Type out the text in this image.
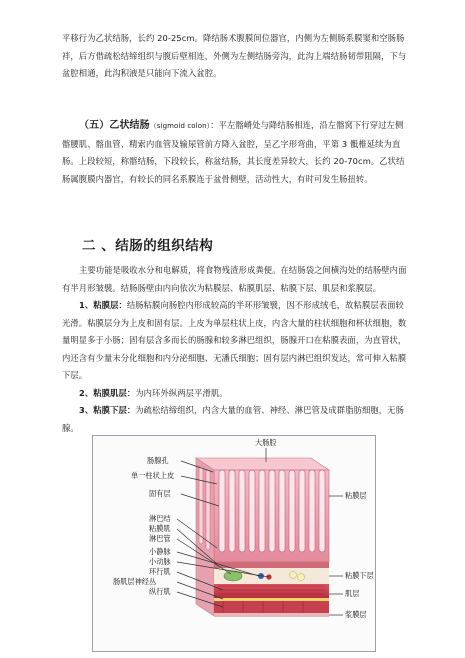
平移行为乙状结肠，长约 20-25cm。降结肠术腹膜间位器官，内侧为左侧肠系膜窦和空肠肠袢，后方借疏松结缔组织与腹后壁相连，外侧为左侧结肠旁沟，此沟上端结肠韧带阻隔，下与盆腔相通，此沟积液是只能向下流入盆腔。
（五）乙状结肠（sigmoid colon）：平左髂嵴处与降结肠相连，沿左髂窝下行穿过左侧髂腰肌、髂血管、精索内血管及输尿管前方降入盆腔，呈乙字形弯曲，平第 3 骶椎延续为直肠。上段较短，称髂结肠，下段较长，称盆结肠，其长度差异较大，长约 20-70cm。乙状结肠属腹膜内器官，有较长的同名系膜连于盆骨侧壁，活动性大，有时可发生肠扭转。
二 、结肠的组织结构
主要功能是吸收水分和电解质，将食物残渣形成粪便。在结肠袋之间横沟处的结肠壁内面有半月形皱襞。结肠肠壁由内向依次为粘膜层、粘膜肌层、粘膜下层、肌层和浆膜层。
1、粘膜层：结肠粘膜向肠腔内形成较高的半环形皱襞，因不形成绒毛，故粘膜层表面较光滑。粘膜层分为上皮和固有层。上皮为单层柱状上皮，内含大量的柱状细胞和杯状细胞，数量明显多于小肠；固有层含多而长的肠腺和较多淋巴组织，肠腺开口在粘膜表面，为直管状，内还含有少量未分化细胞和内分泌细胞、无潘氏细胞；固有层内淋巴组织发达，常可伸入粘膜下层。
2、粘膜肌层：为内环外纵两层平滑肌。
3、粘膜下层：为疏松结缔组织，内含大量的血管、神经、淋巴管及成群脂肪细胞，无肠腺。
大肠腔
肠腺孔
单一柱状上皮
固有层
淋巴结
粘膜肌
淋巴管
小静脉
小动脉
环行肌
肠肌层神经丛
纵行肌
粘膜层
粘膜下层
肌层
浆膜层
